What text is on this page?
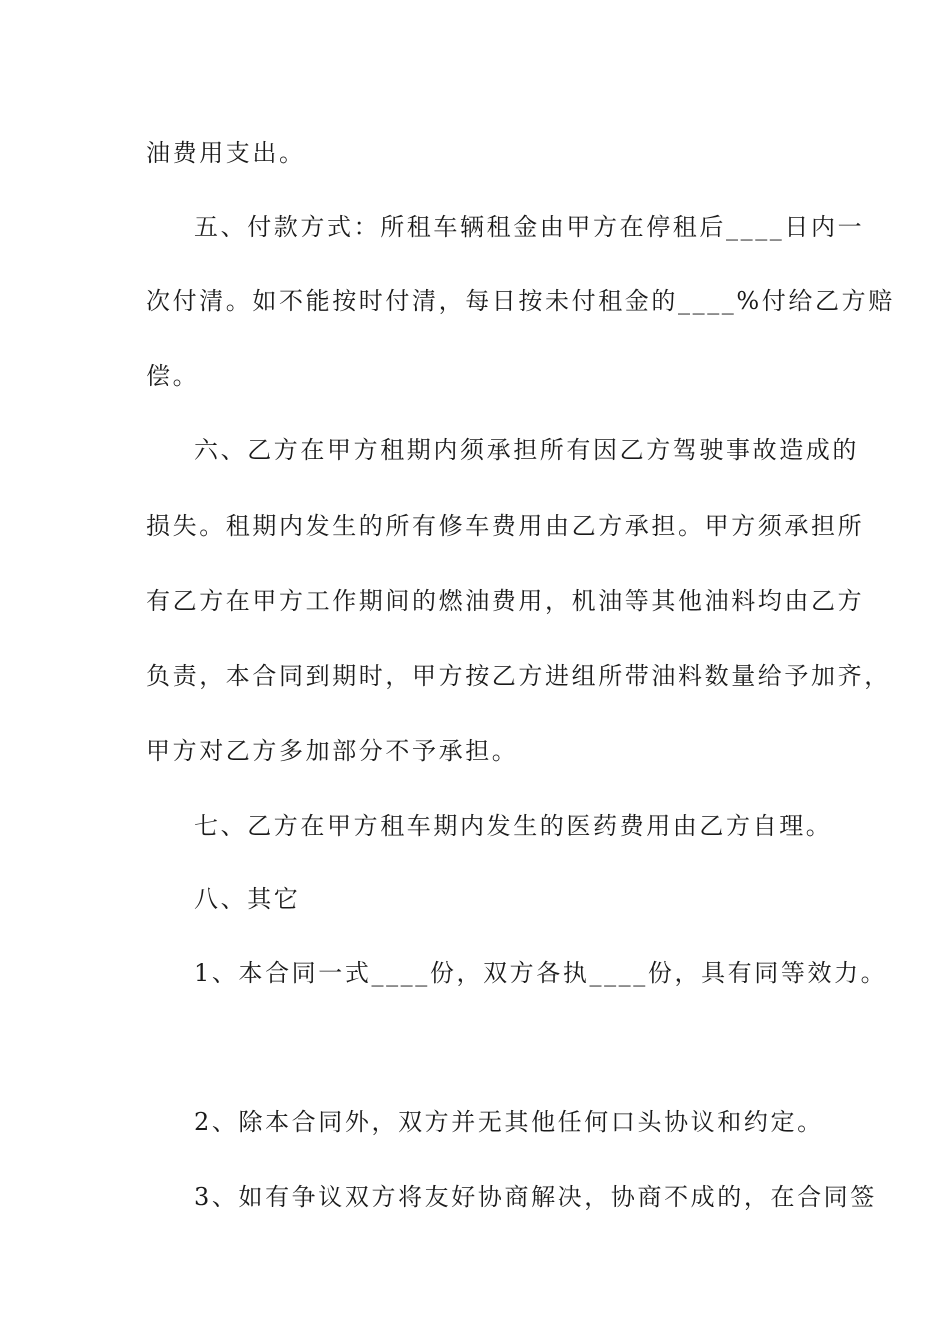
油费用支出。
五、付款方式：所租车辆租金由甲方在停租后____日内一
次付清。如不能按时付清，每日按未付租金的____%付给乙方赔
偿。
六、乙方在甲方租期内须承担所有因乙方驾驶事故造成的
损失。租期内发生的所有修车费用由乙方承担。甲方须承担所
有乙方在甲方工作期间的燃油费用，机油等其他油料均由乙方
负责，本合同到期时，甲方按乙方进组所带油料数量给予加齐，
甲方对乙方多加部分不予承担。
七、乙方在甲方租车期内发生的医药费用由乙方自理。
八、其它
1、本合同一式____份，双方各执____份，具有同等效力。
2、除本合同外，双方并无其他任何口头协议和约定。
3、如有争议双方将友好协商解决，协商不成的，在合同签
